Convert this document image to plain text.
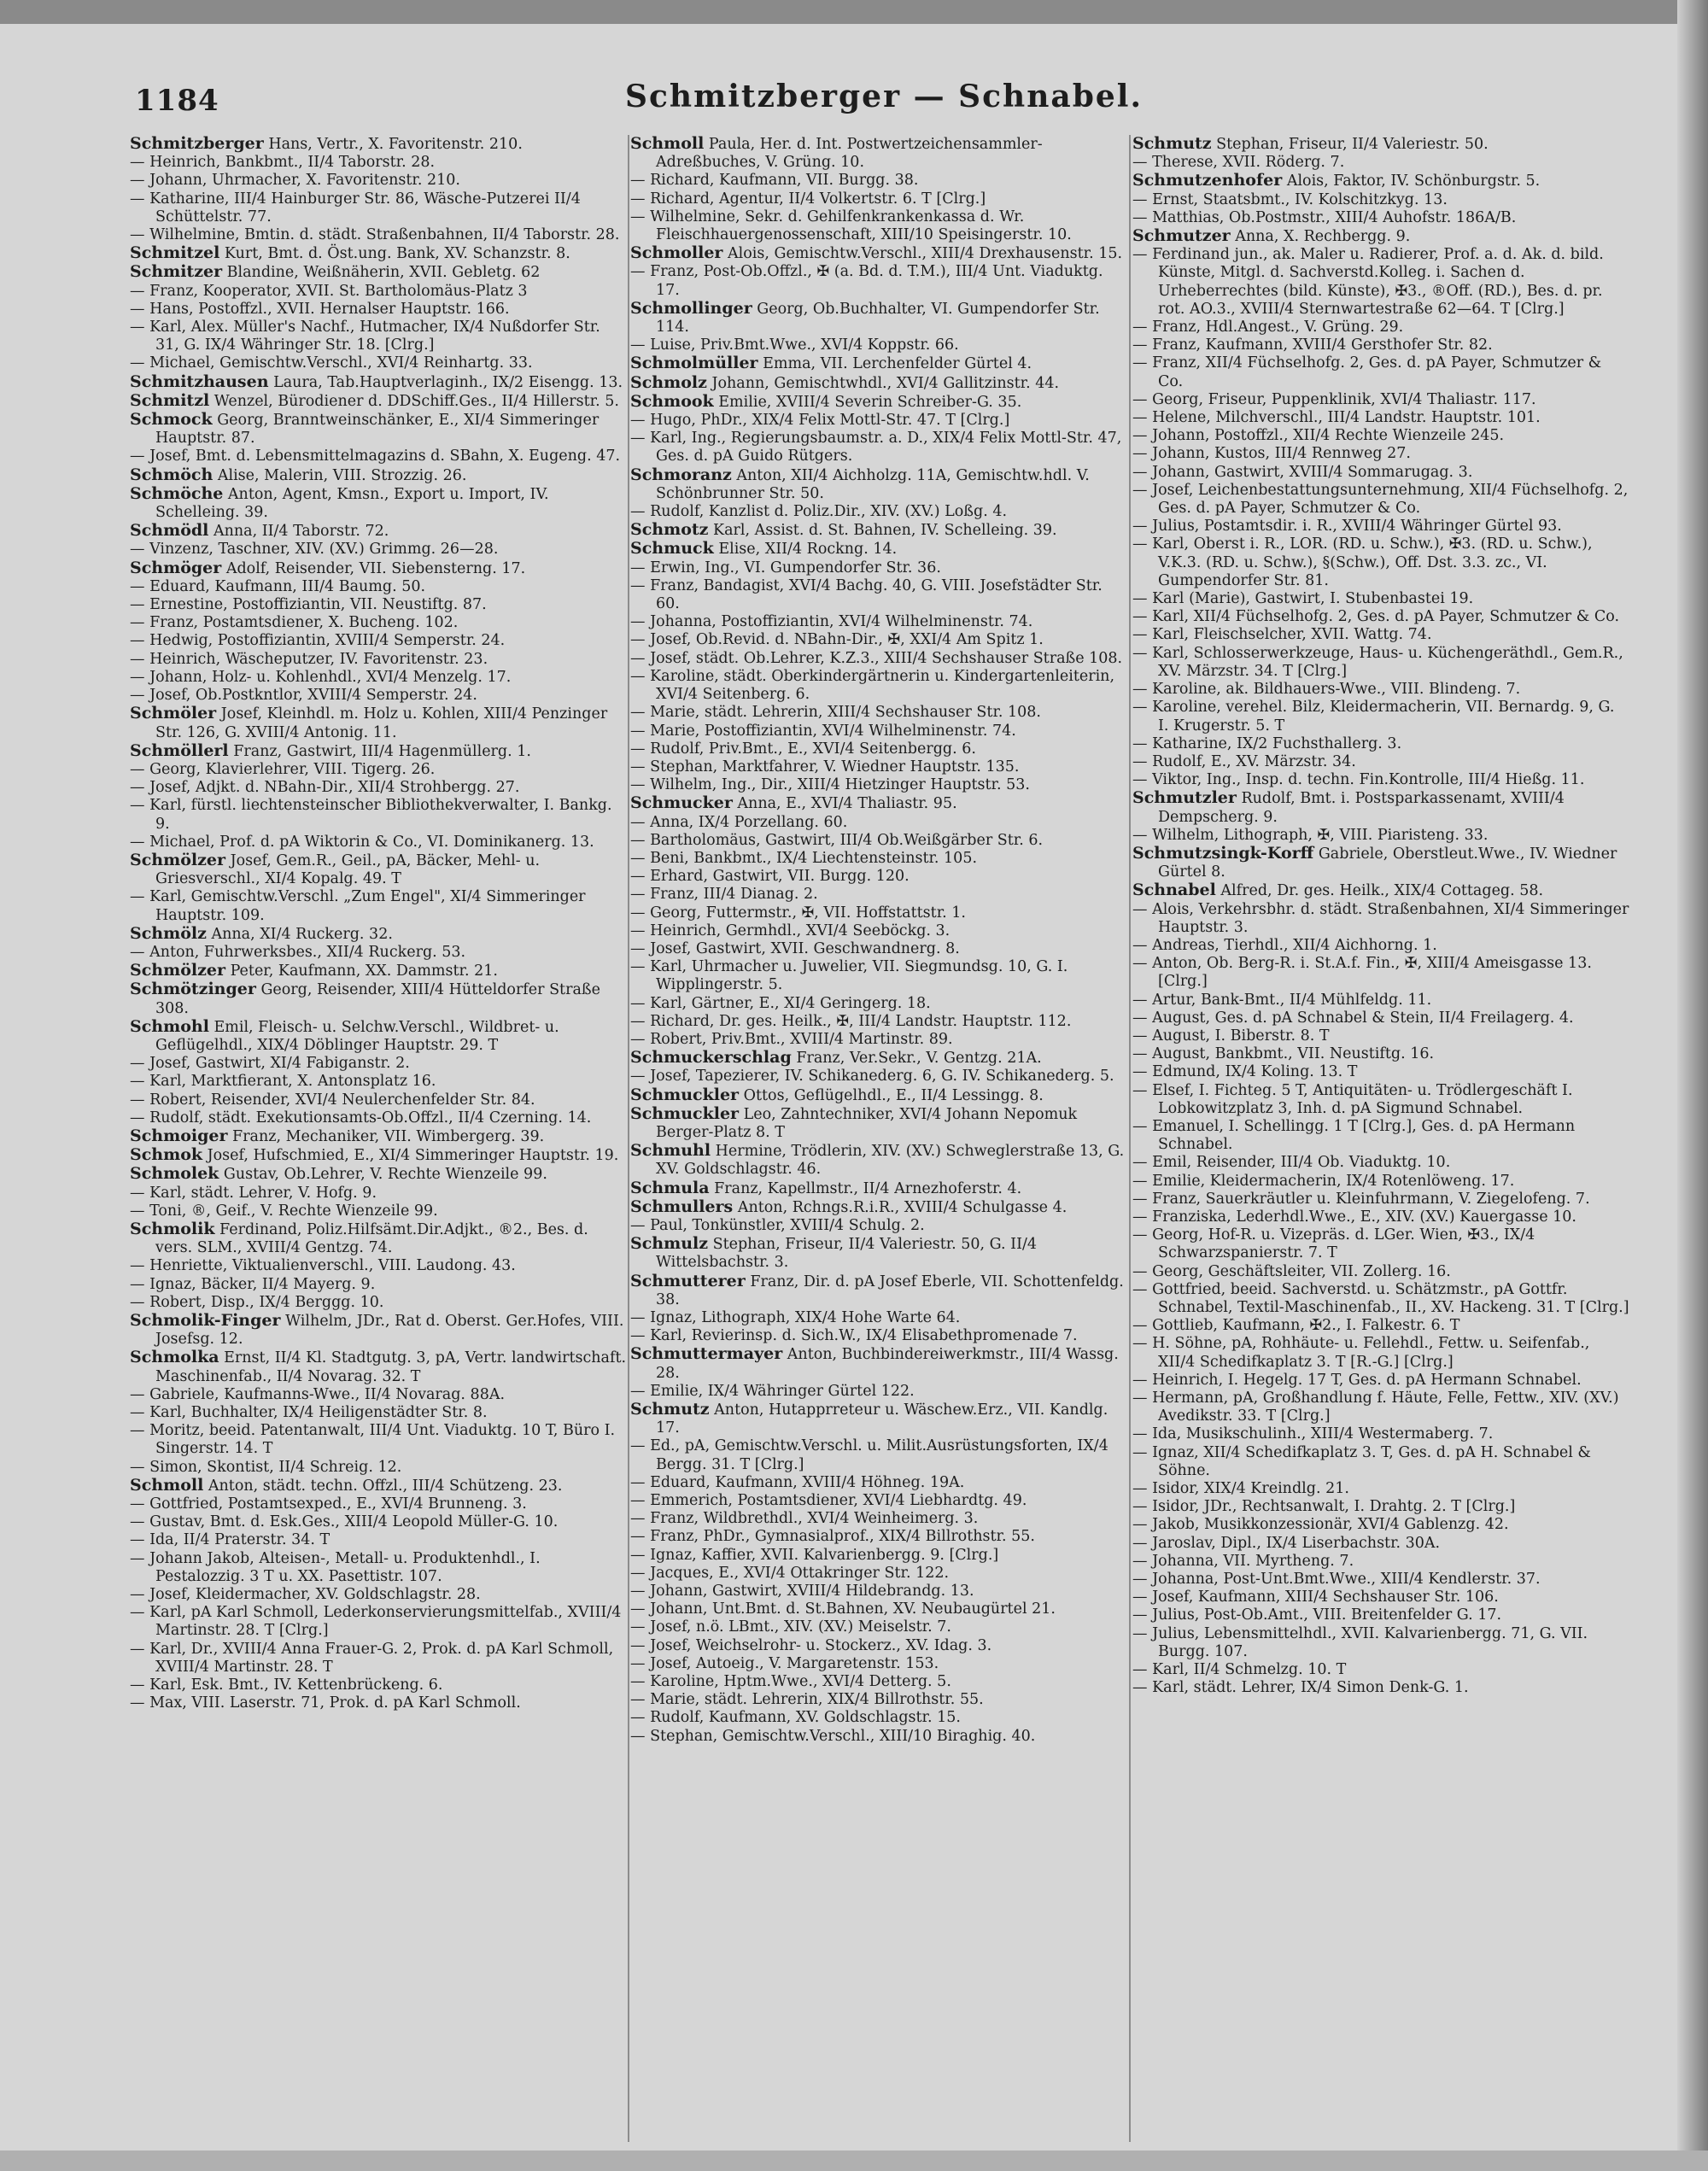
1184	Schmitzberger — Schnabel.

Schmitzberger Hans, Vertr., X. Favoritenstr. 210.

— Heinrich, Bankbmt., II/4 Taborstr. 28.

— Johann, Uhrmacher, X. Favoritenstr. 210.

— Katharine, III/4 Hainburger Str. 86, Wäsche-Putzerei II/4 Schüttelstr. 77.

— Wilhelmine, Bmtin. d. städt. Straßenbahnen, II/4 Taborstr. 28.

Schmitzel Kurt, Bmt. d. Öst.ung. Bank, XV. Schanzstr. 8.

Schmitzer Blandine, Weißnäherin, XVII. Gebletg. 62

— Franz, Kooperator, XVII. St. Bartholomäus-Platz 3

— Hans, Postoffzl., XVII. Hernalser Hauptstr. 166.

— Karl, Alex. Müller's Nachf., Hutmacher, IX/4 Nußdorfer Str. 31, G. IX/4 Währinger Str. 18. [Clrg.]

— Michael, Gemischtw.Verschl., XVI/4 Reinhartg. 33.

Schmitzhausen Laura, Tab.Hauptverlaginh., IX/2 Eisengg. 13.

Schmitzl Wenzel, Bürodiener d. DDSchiff.Ges., II/4 Hillerstr. 5.

Schmock Georg, Branntweinschänker, E., XI/4 Simmeringer Hauptstr. 87.

— Josef, Bmt. d. Lebensmittelmagazins d. SBahn, X. Eugeng. 47.

Schmöch Alise, Malerin, VIII. Strozzig. 26.

Schmöche Anton, Agent, Kmsn., Export u. Import, IV. Schelleing. 39.

Schmödl Anna, II/4 Taborstr. 72.

— Vinzenz, Taschner, XIV. (XV.) Grimmg. 26—28.

Schmöger Adolf, Reisender, VII. Siebensterng. 17.

— Eduard, Kaufmann, III/4 Baumg. 50.

— Ernestine, Postoffiziantin, VII. Neustiftg. 87.

— Franz, Postamtsdiener, X. Bucheng. 102.

— Hedwig, Postoffiziantin, XVIII/4 Semperstr. 24.

— Heinrich, Wäscheputzer, IV. Favoritenstr. 23.

— Johann, Holz- u. Kohlenhdl., XVI/4 Menzelg. 17.

— Josef, Ob.Postkntlor, XVIII/4 Semperstr. 24.

Schmöler Josef, Kleinhdl. m. Holz u. Kohlen, XIII/4 Penzinger Str. 126, G. XVIII/4 Antonig. 11.

Schmöllerl Franz, Gastwirt, III/4 Hagenmüllerg. 1.

— Georg, Klavierlehrer, VIII. Tigerg. 26.

— Josef, Adjkt. d. NBahn-Dir., XII/4 Strohbergg. 27.

— Karl, fürstl. liechtensteinscher Bibliothekverwalter, I. Bankg. 9.

— Michael, Prof. d. pA Wiktorin & Co., VI. Dominikanerg. 13.

Schmölzer Josef, Gem.R., Geil., pA, Bäcker, Mehl- u. Griesverschl., XI/4 Kopalg. 49. T

— Karl, Gemischtw.Verschl. „Zum Engel", XI/4 Simmeringer Hauptstr. 109.

Schmölz Anna, XI/4 Ruckerg. 32.

— Anton, Fuhrwerksbes., XII/4 Ruckerg. 53.

Schmölzer Peter, Kaufmann, XX. Dammstr. 21.

Schmötzinger Georg, Reisender, XIII/4 Hütteldorfer Straße 308.

Schmohl Emil, Fleisch- u. Selchw.Verschl., Wildbret- u. Geflügelhdl., XIX/4 Döblinger Hauptstr. 29. T

— Josef, Gastwirt, XI/4 Fabiganstr. 2.

— Karl, Marktfierant, X. Antonsplatz 16.

— Robert, Reisender, XVI/4 Neulerchenfelder Str. 84.

— Rudolf, städt. Exekutionsamts-Ob.Offzl., II/4 Czerning. 14.

Schmoiger Franz, Mechaniker, VII. Wimbergerg. 39.

Schmok Josef, Hufschmied, E., XI/4 Simmeringer Hauptstr. 19.

Schmolek Gustav, Ob.Lehrer, V. Rechte Wienzeile 99.

— Karl, städt. Lehrer, V. Hofg. 9.

— Toni, ®, Geif., V. Rechte Wienzeile 99.

Schmolik Ferdinand, Poliz.Hilfsämt.Dir.Adjkt., ®2., Bes. d. vers. SLM., XVIII/4 Gentzg. 74.

— Henriette, Viktualienverschl., VIII. Laudong. 43.

— Ignaz, Bäcker, II/4 Mayerg. 9.

— Robert, Disp., IX/4 Berggg. 10.

Schmolik-Finger Wilhelm, JDr., Rat d. Oberst. Ger.Hofes, VIII. Josefsg. 12.

Schmolka Ernst, II/4 Kl. Stadtgutg. 3, pA, Vertr. landwirtschaft. Maschinenfab., II/4 Novarag. 32. T

— Gabriele, Kaufmanns-Wwe., II/4 Novarag. 88A.

— Karl, Buchhalter, IX/4 Heiligenstädter Str. 8.

— Moritz, beeid. Patentanwalt, III/4 Unt. Viaduktg. 10 T, Büro I. Singerstr. 14. T

— Simon, Skontist, II/4 Schreig. 12.

Schmoll Anton, städt. techn. Offzl., III/4 Schützeng. 23.

— Gottfried, Postamtsexped., E., XVI/4 Brunneng. 3.

— Gustav, Bmt. d. Esk.Ges., XIII/4 Leopold Müller-G. 10.

— Ida, II/4 Praterstr. 34. T

— Johann Jakob, Alteisen-, Metall- u. Produktenhdl., I. Pestalozzig. 3 T u. XX. Pasettistr. 107.

— Josef, Kleidermacher, XV. Goldschlagstr. 28.

— Karl, pA Karl Schmoll, Lederkonservierungsmittelfab., XVIII/4 Martinstr. 28. T [Clrg.]

— Karl, Dr., XVIII/4 Anna Frauer-G. 2, Prok. d. pA Karl Schmoll, XVIII/4 Martinstr. 28. T

— Karl, Esk. Bmt., IV. Kettenbrückeng. 6.

— Max, VIII. Laserstr. 71, Prok. d. pA Karl Schmoll.

Schmoll Paula, Her. d. Int. Postwertzeichensammler-Adreßbuches, V. Grüng. 10.

— Richard, Kaufmann, VII. Burgg. 38.

— Richard, Agentur, II/4 Volkertstr. 6. T [Clrg.]

— Wilhelmine, Sekr. d. Gehilfenkrankenkassa d. Wr. Fleischhauergenossenschaft, XIII/10 Speisingerstr. 10.

Schmoller Alois, Gemischtw.Verschl., XIII/4 Drexhausenstr. 15.

— Franz, Post-Ob.Offzl., ✠ (a. Bd. d. T.M.), III/4 Unt. Viaduktg. 17.

Schmollinger Georg, Ob.Buchhalter, VI. Gumpendorfer Str. 114.

— Luise, Priv.Bmt.Wwe., XVI/4 Koppstr. 66.

Schmolmüller Emma, VII. Lerchenfelder Gürtel 4.

Schmolz Johann, Gemischtwhdl., XVI/4 Gallitzinstr. 44.

Schmook Emilie, XVIII/4 Severin Schreiber-G. 35.

— Hugo, PhDr., XIX/4 Felix Mottl-Str. 47. T [Clrg.]

— Karl, Ing., Regierungsbaumstr. a. D., XIX/4 Felix Mottl-Str. 47, Ges. d. pA Guido Rütgers.

Schmoranz Anton, XII/4 Aichholzg. 11A, Gemischtw.hdl. V. Schönbrunner Str. 50.

— Rudolf, Kanzlist d. Poliz.Dir., XIV. (XV.) Loßg. 4.

Schmotz Karl, Assist. d. St. Bahnen, IV. Schelleing. 39.

Schmuck Elise, XII/4 Rockng. 14.

— Erwin, Ing., VI. Gumpendorfer Str. 36.

— Franz, Bandagist, XVI/4 Bachg. 40, G. VIII. Josefstädter Str. 60.

— Johanna, Postoffiziantin, XVI/4 Wilhelminenstr. 74.

— Josef, Ob.Revid. d. NBahn-Dir., ✠, XXI/4 Am Spitz 1.

— Josef, städt. Ob.Lehrer, K.Z.3., XIII/4 Sechshauser Straße 108.

— Karoline, städt. Oberkindergärtnerin u. Kindergartenleiterin, XVI/4 Seitenberg. 6.

— Marie, städt. Lehrerin, XIII/4 Sechshauser Str. 108.

— Marie, Postoffiziantin, XVI/4 Wilhelminenstr. 74.

— Rudolf, Priv.Bmt., E., XVI/4 Seitenbergg. 6.

— Stephan, Marktfahrer, V. Wiedner Hauptstr. 135.

— Wilhelm, Ing., Dir., XIII/4 Hietzinger Hauptstr. 53.

Schmucker Anna, E., XVI/4 Thaliastr. 95.

— Anna, IX/4 Porzellang. 60.

— Bartholomäus, Gastwirt, III/4 Ob.Weißgärber Str. 6.

— Beni, Bankbmt., IX/4 Liechtensteinstr. 105.

— Erhard, Gastwirt, VII. Burgg. 120.

— Franz, III/4 Dianag. 2.

— Georg, Futtermstr., ✠, VII. Hoffstattstr. 1.

— Heinrich, Germhdl., XVI/4 Seeböckg. 3.

— Josef, Gastwirt, XVII. Geschwandnerg. 8.

— Karl, Uhrmacher u. Juwelier, VII. Siegmundsg. 10, G. I. Wipplingerstr. 5.

— Karl, Gärtner, E., XI/4 Geringerg. 18.

— Richard, Dr. ges. Heilk., ✠, III/4 Landstr. Hauptstr. 112.

— Robert, Priv.Bmt., XVIII/4 Martinstr. 89.

Schmuckerschlag Franz, Ver.Sekr., V. Gentzg. 21A.

— Josef, Tapezierer, IV. Schikanederg. 6, G. IV. Schikanederg. 5.

Schmuckler Ottos, Geflügelhdl., E., II/4 Lessingg. 8.

Schmuckler Leo, Zahntechniker, XVI/4 Johann Nepomuk Berger-Platz 8. T

Schmuhl Hermine, Trödlerin, XIV. (XV.) Schweglerstraße 13, G. XV. Goldschlagstr. 46.

Schmula Franz, Kapellmstr., II/4 Arnezhoferstr. 4.

Schmullers Anton, Rchngs.R.i.R., XVIII/4 Schulgasse 4.

— Paul, Tonkünstler, XVIII/4 Schulg. 2.

Schmulz Stephan, Friseur, II/4 Valeriestr. 50, G. II/4 Wittelsbachstr. 3.

Schmutterer Franz, Dir. d. pA Josef Eberle, VII. Schottenfeldg. 38.

— Ignaz, Lithograph, XIX/4 Hohe Warte 64.

— Karl, Revierinsp. d. Sich.W., IX/4 Elisabethpromenade 7.

Schmuttermayer Anton, Buchbindereiwerkmstr., III/4 Wassg. 28.

— Emilie, IX/4 Währinger Gürtel 122.

Schmutz Anton, Hutapprreteur u. Wäschew.Erz., VII. Kandlg. 17.

— Ed., pA, Gemischtw.Verschl. u. Milit.Ausrüstungsforten, IX/4 Bergg. 31. T [Clrg.]

— Eduard, Kaufmann, XVIII/4 Höhneg. 19A.

— Emmerich, Postamtsdiener, XVI/4 Liebhardtg. 49.

— Franz, Wildbrethdl., XVI/4 Weinheimerg. 3.

— Franz, PhDr., Gymnasialprof., XIX/4 Billrothstr. 55.

— Ignaz, Kaffier, XVII. Kalvarienbergg. 9. [Clrg.]

— Jacques, E., XVI/4 Ottakringer Str. 122.

— Johann, Gastwirt, XVIII/4 Hildebrandg. 13.

— Johann, Unt.Bmt. d. St.Bahnen, XV. Neubaugürtel 21.

— Josef, n.ö. LBmt., XIV. (XV.) Meiselstr. 7.

— Josef, Weichselrohr- u. Stockerz., XV. Idag. 3.

— Josef, Autoeig., V. Margaretenstr. 153.

— Karoline, Hptm.Wwe., XVI/4 Detterg. 5.

— Marie, städt. Lehrerin, XIX/4 Billrothstr. 55.

— Rudolf, Kaufmann, XV. Goldschlagstr. 15.

— Stephan, Gemischtw.Verschl., XIII/10 Biraghig. 40.

Schmutz Stephan, Friseur, II/4 Valeriestr. 50.

— Therese, XVII. Röderg. 7.

Schmutzenhofer Alois, Faktor, IV. Schönburgstr. 5.

— Ernst, Staatsbmt., IV. Kolschitzkyg. 13.

— Matthias, Ob.Postmstr., XIII/4 Auhofstr. 186A/B.

Schmutzer Anna, X. Rechbergg. 9.

— Ferdinand jun., ak. Maler u. Radierer, Prof. a. d. Ak. d. bild. Künste, Mitgl. d. Sachverstd.Kolleg. i. Sachen d. Urheberrechtes (bild. Künste), ✠3., ®Off. (RD.), Bes. d. pr. rot. AO.3., XVIII/4 Sternwartestraße 62—64. T [Clrg.]

— Franz, Hdl.Angest., V. Grüng. 29.

— Franz, Kaufmann, XVIII/4 Gersthofer Str. 82.

— Franz, XII/4 Füchselhofg. 2, Ges. d. pA Payer, Schmutzer & Co.

— Georg, Friseur, Puppenklinik, XVI/4 Thaliastr. 117.

— Helene, Milchverschl., III/4 Landstr. Hauptstr. 101.

— Johann, Postoffzl., XII/4 Rechte Wienzeile 245.

— Johann, Kustos, III/4 Rennweg 27.

— Johann, Gastwirt, XVIII/4 Sommarugag. 3.

— Josef, Leichenbestattungsunternehmung, XII/4 Füchselhofg. 2, Ges. d. pA Payer, Schmutzer & Co.

— Julius, Postamtsdir. i. R., XVIII/4 Währinger Gürtel 93.

— Karl, Oberst i. R., LOR. (RD. u. Schw.), ✠3. (RD. u. Schw.), V.K.3. (RD. u. Schw.), §(Schw.), Off. Dst. 3.3. zc., VI. Gumpendorfer Str. 81.

— Karl (Marie), Gastwirt, I. Stubenbastei 19.

— Karl, XII/4 Füchselhofg. 2, Ges. d. pA Payer, Schmutzer & Co.

— Karl, Fleischselcher, XVII. Wattg. 74.

— Karl, Schlosserwerkzeuge, Haus- u. Küchengeräthdl., Gem.R., XV. Märzstr. 34. T [Clrg.]

— Karoline, ak. Bildhauers-Wwe., VIII. Blindeng. 7.

— Karoline, verehel. Bilz, Kleidermacherin, VII. Bernardg. 9, G. I. Krugerstr. 5. T

— Katharine, IX/2 Fuchsthallerg. 3.

— Rudolf, E., XV. Märzstr. 34.

— Viktor, Ing., Insp. d. techn. Fin.Kontrolle, III/4 Hießg. 11.

Schmutzler Rudolf, Bmt. i. Postsparkassenamt, XVIII/4 Dempscherg. 9.

— Wilhelm, Lithograph, ✠, VIII. Piaristeng. 33.

Schmutzsingk-Korff Gabriele, Oberstleut.Wwe., IV. Wiedner Gürtel 8.

Schnabel Alfred, Dr. ges. Heilk., XIX/4 Cottageg. 58.

— Alois, Verkehrsbhr. d. städt. Straßenbahnen, XI/4 Simmeringer Hauptstr. 3.

— Andreas, Tierhdl., XII/4 Aichhorng. 1.

— Anton, Ob. Berg-R. i. St.A.f. Fin., ✠, XIII/4 Ameisgasse 13. [Clrg.]

— Artur, Bank-Bmt., II/4 Mühlfeldg. 11.

— August, Ges. d. pA Schnabel & Stein, II/4 Freilagerg. 4.

— August, I. Biberstr. 8. T

— August, Bankbmt., VII. Neustiftg. 16.

— Edmund, IX/4 Koling. 13. T

— Elsef, I. Fichteg. 5 T, Antiquitäten- u. Trödlergeschäft I. Lobkowitzplatz 3, Inh. d. pA Sigmund Schnabel.

— Emanuel, I. Schellingg. 1 T [Clrg.], Ges. d. pA Hermann Schnabel.

— Emil, Reisender, III/4 Ob. Viaduktg. 10.

— Emilie, Kleidermacherin, IX/4 Rotenlöweng. 17.

— Franz, Sauerkräutler u. Kleinfuhrmann, V. Ziegelofeng. 7.

— Franziska, Lederhdl.Wwe., E., XIV. (XV.) Kauergasse 10.

— Georg, Hof-R. u. Vizepräs. d. LGer. Wien, ✠3., IX/4 Schwarzspanierstr. 7. T

— Georg, Geschäftsleiter, VII. Zollerg. 16.

— Gottfried, beeid. Sachverstd. u. Schätzmstr., pA Gottfr. Schnabel, Textil-Maschinenfab., II., XV. Hackeng. 31. T [Clrg.]

— Gottlieb, Kaufmann, ✠2., I. Falkestr. 6. T

— H. Söhne, pA, Rohhäute- u. Fellehdl., Fettw. u. Seifenfab., XII/4 Schedifkaplatz 3. T [R.-G.] [Clrg.]

— Heinrich, I. Hegelg. 17 T, Ges. d. pA Hermann Schnabel.

— Hermann, pA, Großhandlung f. Häute, Felle, Fettw., XIV. (XV.) Avedikstr. 33. T [Clrg.]

— Ida, Musikschulinh., XIII/4 Westermaberg. 7.

— Ignaz, XII/4 Schedifkaplatz 3. T, Ges. d. pA H. Schnabel & Söhne.

— Isidor, XIX/4 Kreindlg. 21.

— Isidor, JDr., Rechtsanwalt, I. Drahtg. 2. T [Clrg.]

— Jakob, Musikkonzessionär, XVI/4 Gablenzg. 42.

— Jaroslav, Dipl., IX/4 Liserbachstr. 30A.

— Johanna, VII. Myrtheng. 7.

— Johanna, Post-Unt.Bmt.Wwe., XIII/4 Kendlerstr. 37.

— Josef, Kaufmann, XIII/4 Sechshauser Str. 106.

— Julius, Post-Ob.Amt., VIII. Breitenfelder G. 17.

— Julius, Lebensmittelhdl., XVII. Kalvarienbergg. 71, G. VII. Burgg. 107.

— Karl, II/4 Schmelzg. 10. T

— Karl, städt. Lehrer, IX/4 Simon Denk-G. 1.
